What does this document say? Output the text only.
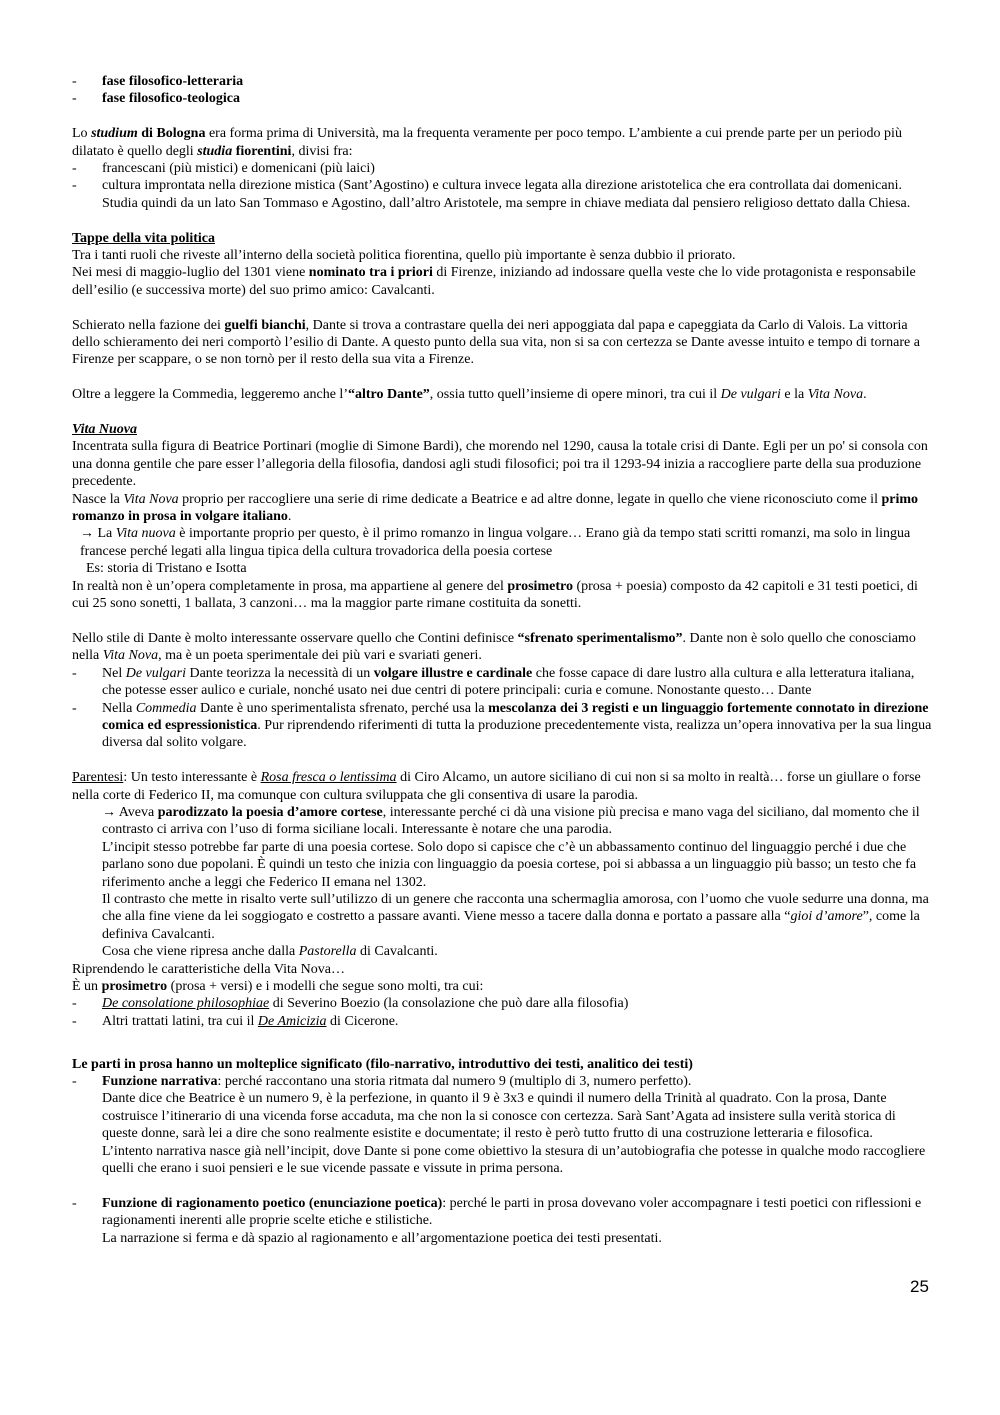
- fase filosofico-letteraria
- fase filosofico-teologica
Lo studium di Bologna era forma prima di Università, ma la frequenta veramente per poco tempo. L’ambiente a cui prende parte per un periodo più dilatato è quello degli studia fiorentini, divisi fra:
- francescani (più mistici) e domenicani (più laici)
- cultura improntata nella direzione mistica (Sant’Agostino) e cultura invece legata alla direzione aristotelica che era controllata dai domenicani. Studia quindi da un lato San Tommaso e Agostino, dall’altro Aristotele, ma sempre in chiave mediata dal pensiero religioso dettato dalla Chiesa.
Tappe della vita politica
Tra i tanti ruoli che riveste all’interno della società politica fiorentina, quello più importante è senza dubbio il priorato.
Nei mesi di maggio-luglio del 1301 viene nominato tra i priori di Firenze, iniziando ad indossare quella veste che lo vide protagonista e responsabile dell’esilio (e successiva morte) del suo primo amico: Cavalcanti.
Schierato nella fazione dei guelfi bianchi, Dante si trova a contrastare quella dei neri appoggiata dal papa e capeggiata da Carlo di Valois. La vittoria dello schieramento dei neri comportò l’esilio di Dante. A questo punto della sua vita, non si sa con certezza se Dante avesse intuito e tempo di tornare a Firenze per scappare, o se non tornò per il resto della sua vita a Firenze.
Oltre a leggere la Commedia, leggeremo anche l’“altro Dante”, ossia tutto quell’insieme di opere minori, tra cui il De vulgari e la Vita Nova.
Vita Nuova
Incentrata sulla figura di Beatrice Portinari (moglie di Simone Bardi), che morendo nel 1290, causa la totale crisi di Dante. Egli per un po' si consola con una donna gentile che pare esser l’allegoria della filosofia, dandosi agli studi filosofici; poi tra il 1293-94 inizia a raccogliere parte della sua produzione precedente.
Nasce la Vita Nova proprio per raccogliere una serie di rime dedicate a Beatrice e ad altre donne, legate in quello che viene riconosciuto come il primo romanzo in prosa in volgare italiano.
→ La Vita nuova è importante proprio per questo, è il primo romanzo in lingua volgare… Erano già da tempo stati scritti romanzi, ma solo in lingua francese perché legati alla lingua tipica della cultura trovadorica della poesia cortese
Es: storia di Tristano e Isotta
In realtà non è un’opera completamente in prosa, ma appartiene al genere del prosimetro (prosa + poesia) composto da 42 capitoli e 31 testi poetici, di cui 25 sono sonetti, 1 ballata, 3 canzoni… ma la maggior parte rimane costituita da sonetti.
Nello stile di Dante è molto interessante osservare quello che Contini definisce “sfrenato sperimentalismo”. Dante non è solo quello che conosciamo nella Vita Nova, ma è un poeta sperimentale dei più vari e svariati generi.
- Nel De vulgari Dante teorizza la necessità di un volgare illustre e cardinale che fosse capace di dare lustro alla cultura e alla letteratura italiana, che potesse esser aulico e curiale, nonché usato nei due centri di potere principali: curia e comune. Nonostante questo… Dante
- Nella Commedia Dante è uno sperimentalista sfrenato, perché usa la mescolanza dei 3 registi e un linguaggio fortemente connotato in direzione comica ed espressionistica. Pur riprendendo riferimenti di tutta la produzione precedentemente vista, realizza un’opera innovativa per la sua lingua diversa dal solito volgare.
Parentesi: Un testo interessante è Rosa fresca o lentissima di Ciro Alcamo, un autore siciliano di cui non si sa molto in realtà… forse un giullare o forse nella corte di Federico II, ma comunque con cultura sviluppata che gli consentiva di usare la parodia.
→ Aveva parodizzato la poesia d’amore cortese, interessante perché ci dà una visione più precisa e mano vaga del siciliano, dal momento che il contrasto ci arriva con l’uso di forma siciliane locali. Interessante è notare che una parodia.
L’incipit stesso potrebbe far parte di una poesia cortese. Solo dopo si capisce che c’è un abbassamento continuo del linguaggio perché i due che parlano sono due popolani. È quindi un testo che inizia con linguaggio da poesia cortese, poi si abbassa a un linguaggio più basso; un testo che fa riferimento anche a leggi che Federico II emana nel 1302.
Il contrasto che mette in risalto verte sull’utilizzo di un genere che racconta una schermaglia amorosa, con l’uomo che vuole sedurre una donna, ma che alla fine viene da lei soggiogato e costretto a passare avanti. Viene messo a tacere dalla donna e portato a passare alla “gioi d’amore”, come la definiva Cavalcanti.
Cosa che viene ripresa anche dalla Pastorella di Cavalcanti.
Riprendendo le caratteristiche della Vita Nova…
È un prosimetro (prosa + versi) e i modelli che segue sono molti, tra cui:
- De consolatione philosophiae di Severino Boezio (la consolazione che può dare alla filosofia)
- Altri trattati latini, tra cui il De Amicizia di Cicerone.
Le parti in prosa hanno un molteplice significato (filo-narrativo, introduttivo dei testi, analitico dei testi)
- Funzione narrativa: perché raccontano una storia ritmata dal numero 9 (multiplo di 3, numero perfetto).
Dante dice che Beatrice è un numero 9, è la perfezione, in quanto il 9 è 3x3 e quindi il numero della Trinità al quadrato. Con la prosa, Dante costruisce l’itinerario di una vicenda forse accaduta, ma che non la si conosce con certezza. Sarà Sant’Agata ad insistere sulla verità storica di queste donne, sarà lei a dire che sono realmente esistite e documentate; il resto è però tutto frutto di una costruzione letteraria e filosofica.
L’intento narrativa nasce già nell’incipit, dove Dante si pone come obiettivo la stesura di un’autobiografia che potesse in qualche modo raccogliere quelli che erano i suoi pensieri e le sue vicende passate e vissute in prima persona.
- Funzione di ragionamento poetico (enunciazione poetica): perché le parti in prosa dovevano voler accompagnare i testi poetici con riflessioni e ragionamenti inerenti alle proprie scelte etiche e stilistiche.
La narrazione si ferma e dà spazio al ragionamento e all’argomentazione poetica dei testi presentati.
25
